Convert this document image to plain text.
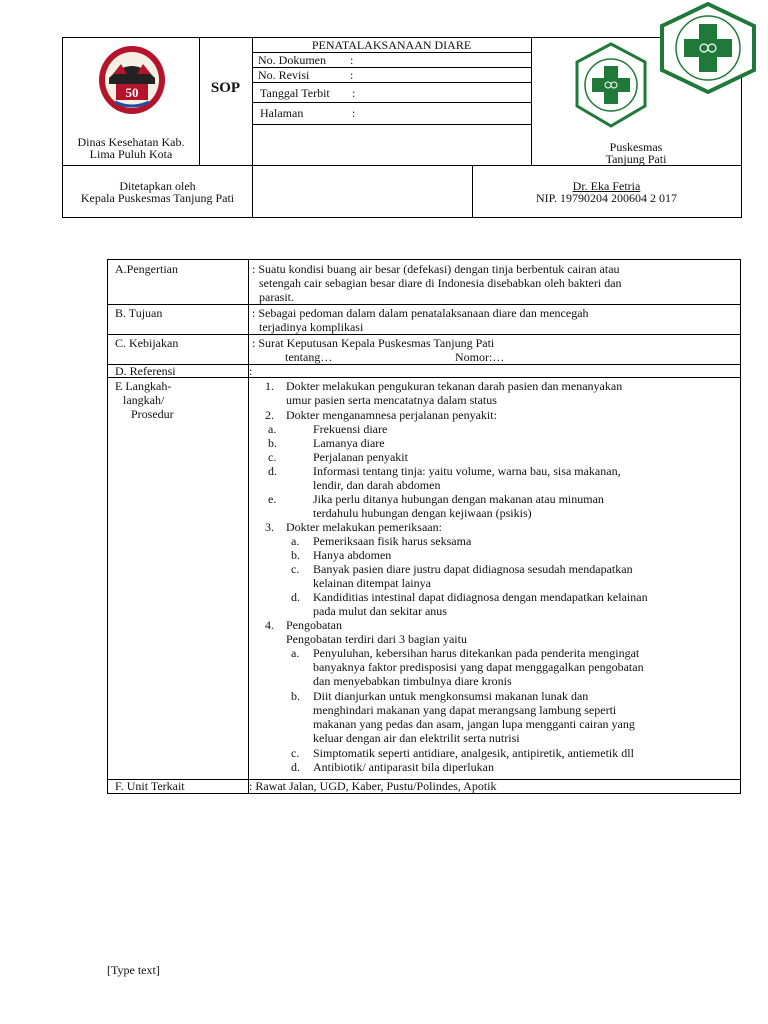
50
Dinas Kesehatan Kab.
Lima Puluh Kota
SOP
PENATALAKSANAAN DIARE
No. Dokumen :
No. Revisi	:
Tanggal Terbit :
Halaman	:
Puskesmas
Tanjung Pati
Ditetapkan oleh
Kepala Puskesmas Tanjung Pati
Dr. Eka Fetria
NIP. 19790204 200604 2 017
A.Pengertian	: Suatu kondisi buang air besar (defekasi) dengan tinja berbentuk cairan atau
setengah cair sebagian besar diare di Indonesia disebabkan oleh bakteri dan
parasit.
B. Tujuan	: Sebagai pedoman dalam dalam penatalaksanaan diare dan mencegah
terjadinya komplikasi
C. Kebijakan	: Surat Keputusan Kepala Puskesmas Tanjung Pati
tentang…	Nomor:…
D. Referensi	:
E Langkah-
langkah/
Prosedur
1. Dokter melakukan pengukuran tekanan darah pasien dan menanyakan
umur pasien serta mencatatnya dalam status
2. Dokter menganamnesa perjalanan penyakit:
a.	Frekuensi diare
b.	Lamanya diare
c.	Perjalanan penyakit
d.	Informasi tentang tinja: yaitu volume, warna bau, sisa makanan,
lendir, dan darah abdomen
e.	Jika perlu ditanya hubungan dengan makanan atau minuman
terdahulu hubungan dengan kejiwaan (psikis)
3. Dokter melakukan pemeriksaan:
a. Pemeriksaan fisik harus seksama
b. Hanya abdomen
c. Banyak pasien diare justru dapat didiagnosa sesudah mendapatkan
kelainan ditempat lainya
d. Kandiditias intestinal dapat didiagnosa dengan mendapatkan kelainan
pada mulut dan sekitar anus
4. Pengobatan
Pengobatan terdiri dari 3 bagian yaitu
a. Penyuluhan, kebersihan harus ditekankan pada penderita mengingat
banyaknya faktor predisposisi yang dapat menggagalkan pengobatan
dan menyebabkan timbulnya diare kronis
b. Diit dianjurkan untuk mengkonsumsi makanan lunak dan
menghindari makanan yang dapat merangsang lambung seperti
makanan yang pedas dan asam, jangan lupa mengganti cairan yang
keluar dengan air dan elektrilit serta nutrisi
c. Simptomatik seperti antidiare, analgesik, antipiretik, antiemetik dll
d. Antibiotik/ antiparasit bila diperlukan
F. Unit Terkait	: Rawat Jalan, UGD, Kaber, Pustu/Polindes, Apotik
[Type text]
